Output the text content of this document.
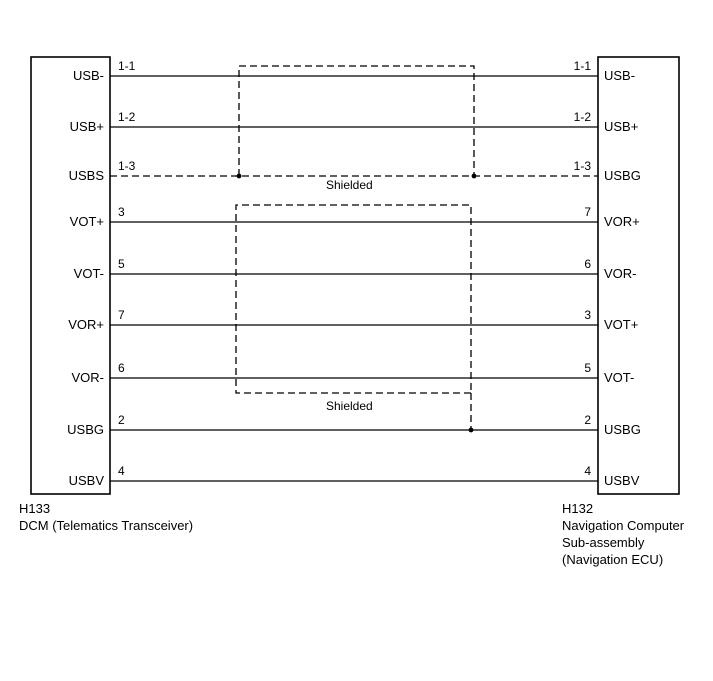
USB-
1-1	1-1
USB-
USB+
1-2	1-2
USB+
USBS
1-3	1-3
USBG
VOT+
3	7
VOR+
VOT-
5	6
VOR-
VOR+
7	3
VOT+
VOR-
6	5
VOT-
USBG
2	2
USBG
USBV
4	4
USBV
Shielded
Shielded
H133
DCM (Telematics Transceiver)
H132
Navigation Computer
Sub-assembly
(Navigation ECU)
